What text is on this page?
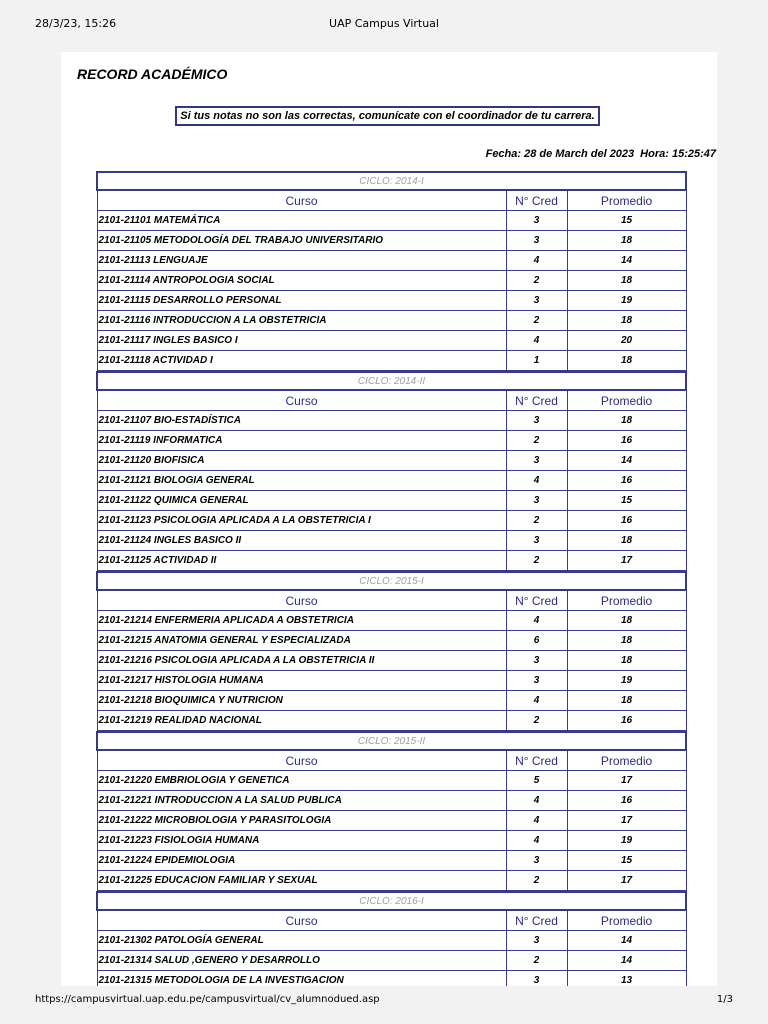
28/3/23, 15:26	UAP Campus Virtual
RECORD ACADÉMICO
Si tus notas no son las correctas, comunícate con el coordinador de tu carrera.
Fecha: 28 de March del 2023 Hora: 15:25:47
CICLO: 2014-I		
Curso	N° Cred	Promedio
2101-21101 MATEMÁTICA	3	15
2101-21105 METODOLOGÍA DEL TRABAJO UNIVERSITARIO	3	18
2101-21113 LENGUAJE	4	14
2101-21114 ANTROPOLOGIA SOCIAL	2	18
2101-21115 DESARROLLO PERSONAL	3	19
2101-21116 INTRODUCCION A LA OBSTETRICIA	2	18
2101-21117 INGLES BASICO I	4	20
2101-21118 ACTIVIDAD I	1	18
CICLO: 2014-II		
Curso	N° Cred	Promedio
2101-21107 BIO-ESTADÍSTICA	3	18
2101-21119 INFORMATICA	2	16
2101-21120 BIOFISICA	3	14
2101-21121 BIOLOGIA GENERAL	4	16
2101-21122 QUIMICA GENERAL	3	15
2101-21123 PSICOLOGIA APLICADA A LA OBSTETRICIA I	2	16
2101-21124 INGLES BASICO II	3	18
2101-21125 ACTIVIDAD II	2	17
CICLO: 2015-I		
Curso	N° Cred	Promedio
2101-21214 ENFERMERIA APLICADA A OBSTETRICIA	4	18
2101-21215 ANATOMIA GENERAL Y ESPECIALIZADA	6	18
2101-21216 PSICOLOGIA APLICADA A LA OBSTETRICIA II	3	18
2101-21217 HISTOLOGIA HUMANA	3	19
2101-21218 BIOQUIMICA Y NUTRICION	4	18
2101-21219 REALIDAD NACIONAL	2	16
CICLO: 2015-II		
Curso	N° Cred	Promedio
2101-21220 EMBRIOLOGIA Y GENETICA	5	17
2101-21221 INTRODUCCION A LA SALUD PUBLICA	4	16
2101-21222 MICROBIOLOGIA Y PARASITOLOGIA	4	17
2101-21223 FISIOLOGIA HUMANA	4	19
2101-21224 EPIDEMIOLOGIA	3	15
2101-21225 EDUCACION FAMILIAR Y SEXUAL	2	17
CICLO: 2016-I		
Curso	N° Cred	Promedio
2101-21302 PATOLOGÍA GENERAL	3	14
2101-21314 SALUD ,GENERO Y DESARROLLO	2	14
2101-21315 METODOLOGIA DE LA INVESTIGACION	3	13
https://campusvirtual.uap.edu.pe/campusvirtual/cv_alumnodued.asp	1/3
